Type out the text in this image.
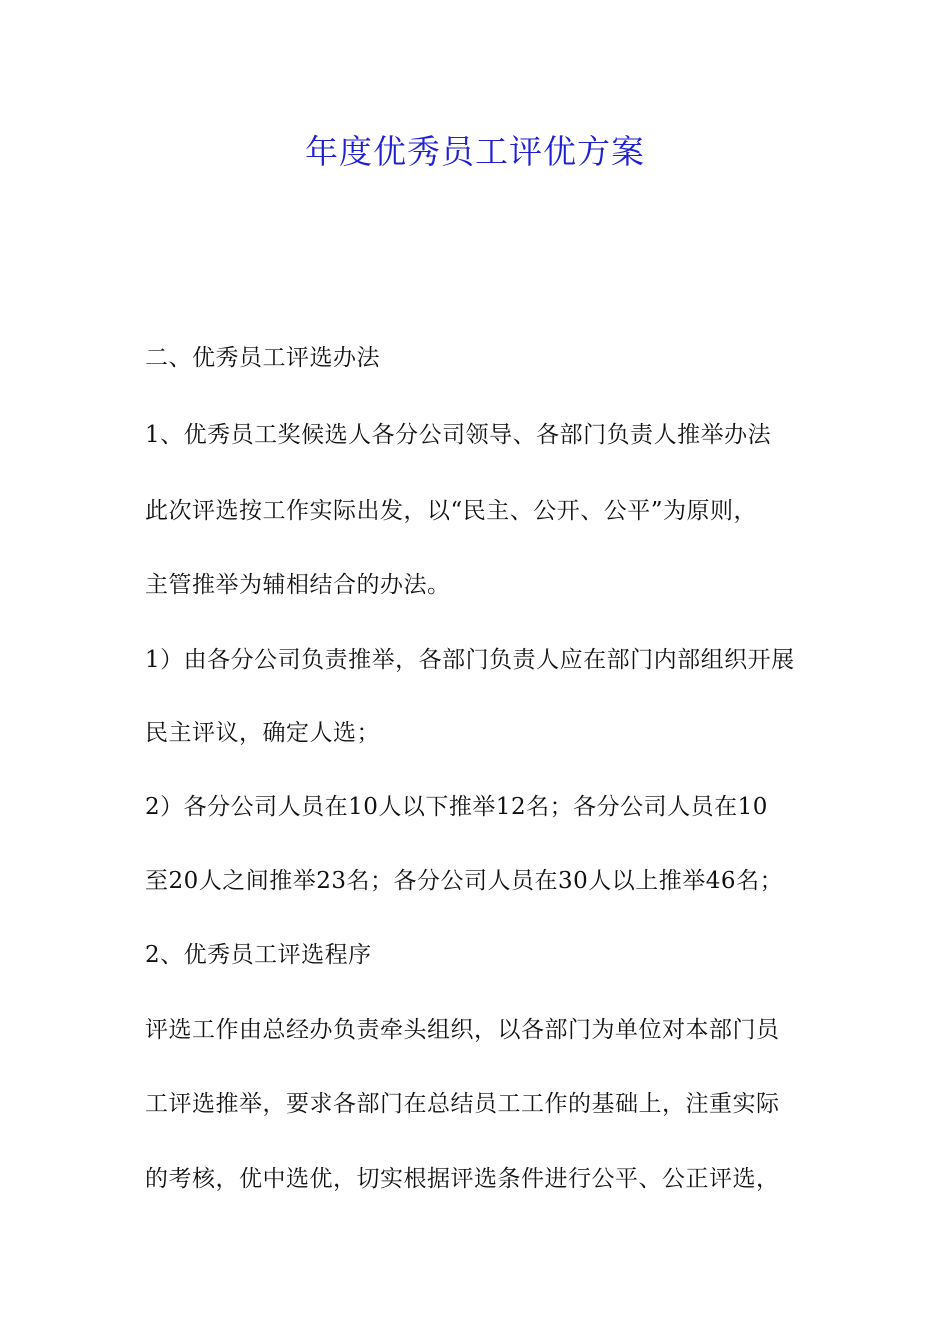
年度优秀员工评优方案

二、优秀员工评选办法

1、优秀员工奖候选人各分公司领导、各部门负责人推举办法

此次评选按工作实际出发，以“民主、公开、公平”为原则，

主管推举为辅相结合的办法。

1）由各分公司负责推举，各部门负责人应在部门内部组织开展

民主评议，确定人选；

2）各分公司人员在10人以下推举12名；各分公司人员在10

至20人之间推举23名；各分公司人员在30人以上推举46名；

2、优秀员工评选程序

评选工作由总经办负责牵头组织，以各部门为单位对本部门员

工评选推举，要求各部门在总结员工工作的基础上，注重实际

的考核，优中选优，切实根据评选条件进行公平、公正评选，
